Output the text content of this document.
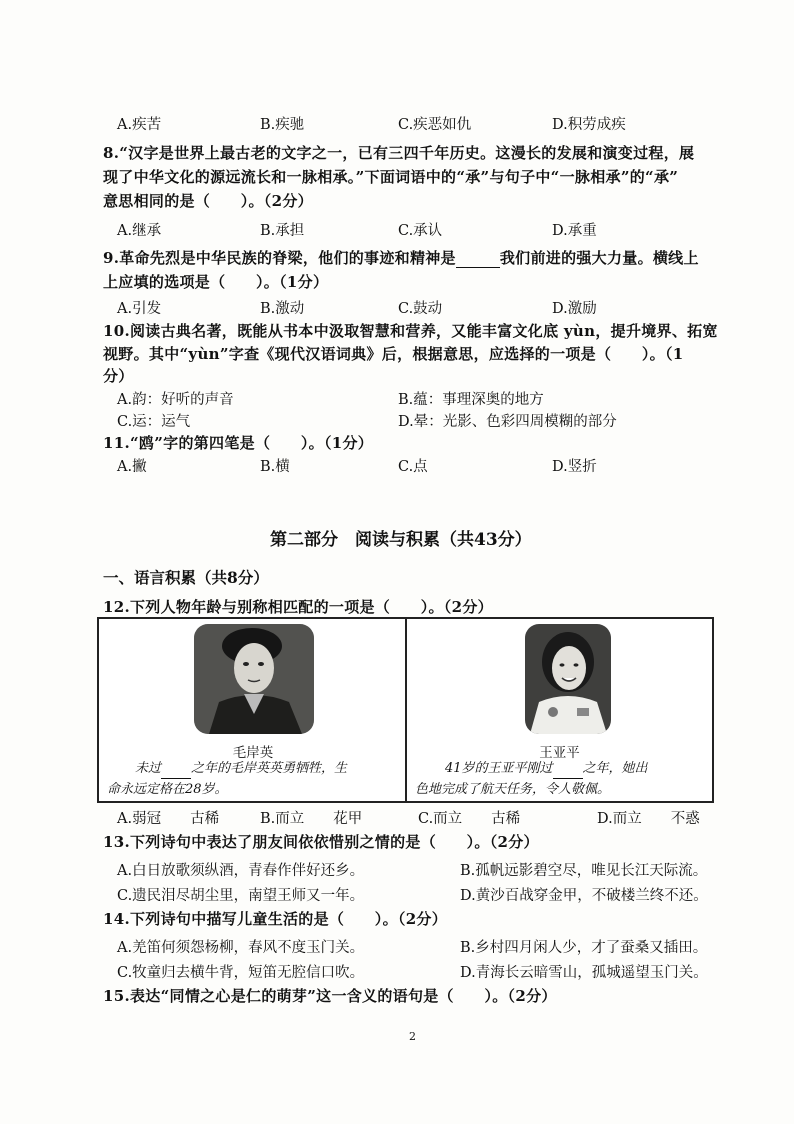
A.疾苦	B.疾驰	C.疾恶如仇	D.积劳成疾
8.“汉字是世界上最古老的文字之一，已有三四千年历史。这漫长的发展和演变过程，展
现了中华文化的源远流长和一脉相承。”下面词语中的“承”与句子中“一脉相承”的“承”
意思相同的是（　　）。（2分）
A.继承	B.承担	C.承认	D.承重
9.革命先烈是中华民族的脊梁，他们的事迹和精神是	我们前进的强大力量。横线上
上应填的选项是（　　）。（1分）
A.引发	B.激动	C.鼓动	D.激励
10.阅读古典名著，既能从书本中汲取智慧和营养，又能丰富文化底 yùn，提升境界、拓宽
视野。其中“yùn”字查《现代汉语词典》后，根据意思，应选择的一项是（　　）。（1
分）
A.韵：好听的声音	B.蕴：事理深奥的地方
C.运：运气	D.晕：光影、色彩四周模糊的部分
11.“鸥”字的第四笔是（　　）。（1分）
A.撇	B.横	C.点	D.竖折
第二部分　阅读与积累（共43分）
一、语言积累（共8分）
12.下列人物年龄与别称相匹配的一项是（　　）。（2分）
毛岸英
未过 之年的毛岸英英勇牺牲，生
命永远定格在28岁。
王亚平
41岁的王亚平刚过 之年，她出
色地完成了航天任务，令人敬佩。
A.弱冠　　古稀	B.而立　　花甲	C.而立　　古稀	D.而立　　不惑
13.下列诗句中表达了朋友间依依惜别之情的是（　　）。（2分）
A.白日放歌须纵酒，青春作伴好还乡。	B.孤帆远影碧空尽，唯见长江天际流。
C.遗民泪尽胡尘里，南望王师又一年。	D.黄沙百战穿金甲，不破楼兰终不还。
14.下列诗句中描写儿童生活的是（　　）。（2分）
A.羌笛何须怨杨柳，春风不度玉门关。	B.乡村四月闲人少，才了蚕桑又插田。
C.牧童归去横牛背，短笛无腔信口吹。	D.青海长云暗雪山，孤城遥望玉门关。
15.表达“同情之心是仁的萌芽”这一含义的语句是（　　）。（2分）
2
